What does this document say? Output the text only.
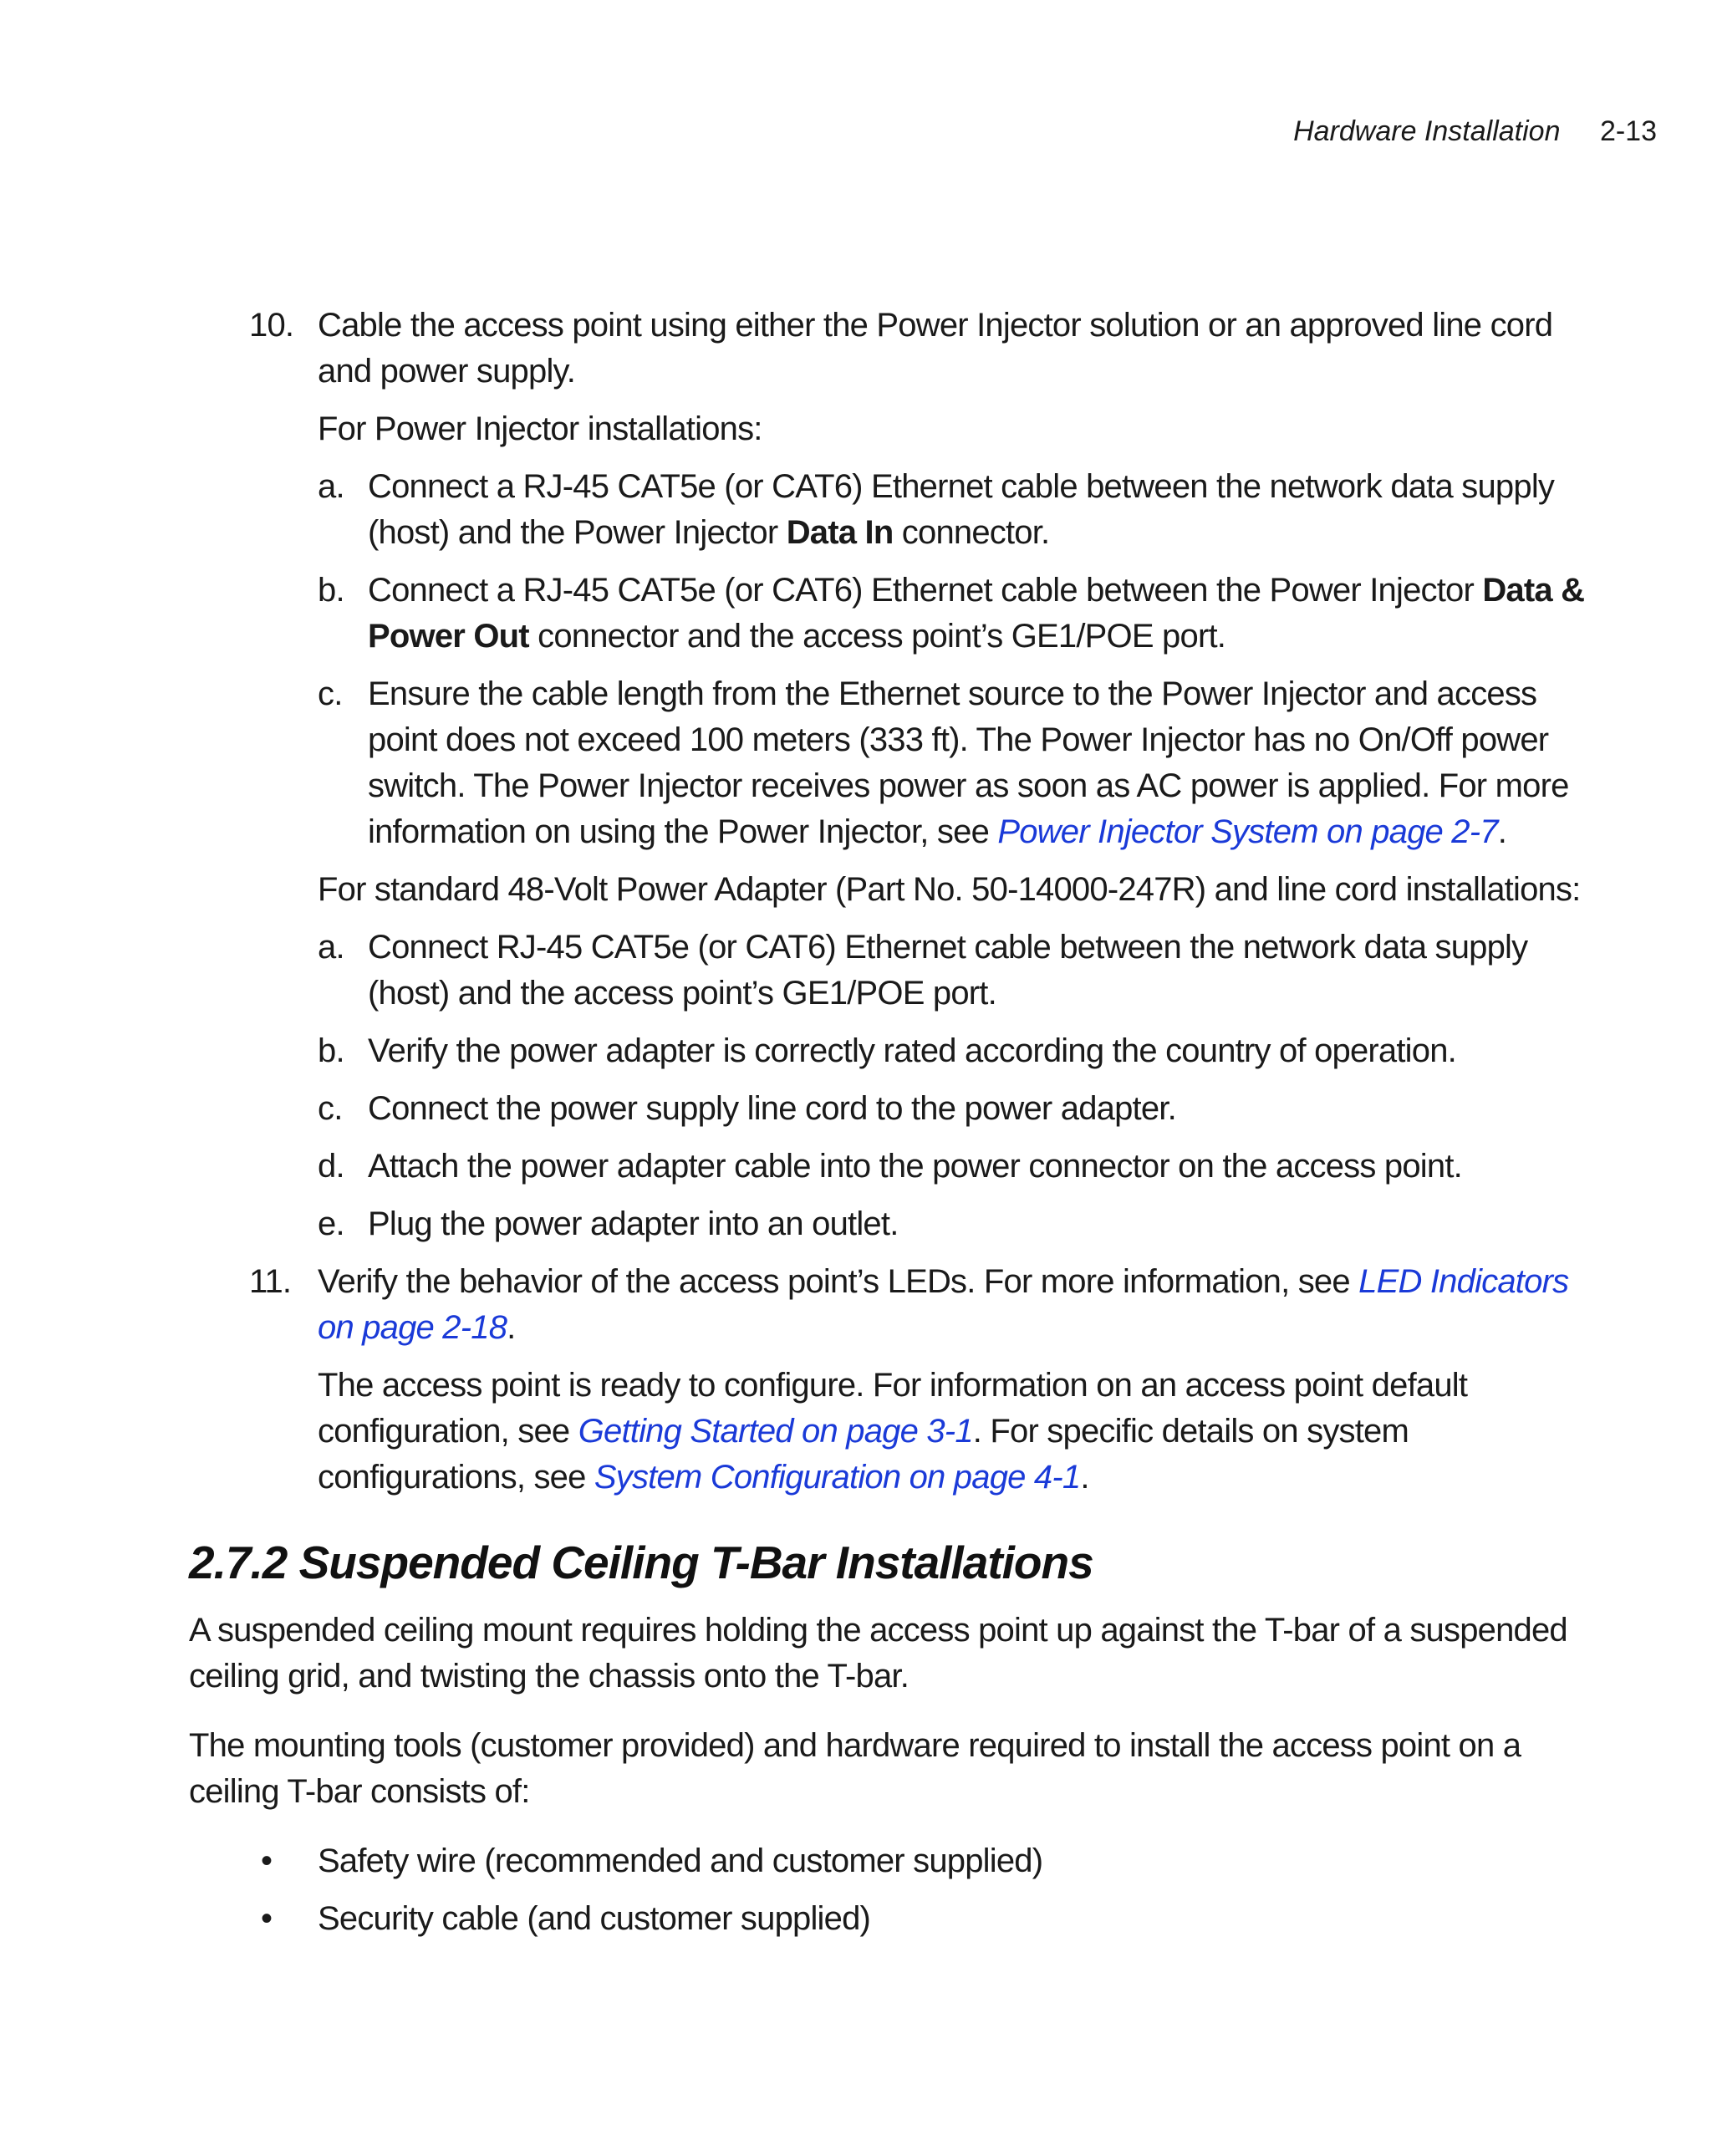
Hardware Installation 2-13
10. Cable the access point using either the Power Injector solution or an approved line cord and power supply.
For Power Injector installations:
a. Connect a RJ-45 CAT5e (or CAT6) Ethernet cable between the network data supply (host) and the Power Injector Data In connector.
b. Connect a RJ-45 CAT5e (or CAT6) Ethernet cable between the Power Injector Data & Power Out connector and the access point’s GE1/POE port.
c. Ensure the cable length from the Ethernet source to the Power Injector and access point does not exceed 100 meters (333 ft). The Power Injector has no On/Off power switch. The Power Injector receives power as soon as AC power is applied. For more information on using the Power Injector, see Power Injector System on page 2-7.
For standard 48-Volt Power Adapter (Part No. 50-14000-247R) and line cord installations:
a. Connect RJ-45 CAT5e (or CAT6) Ethernet cable between the network data supply (host) and the access point’s GE1/POE port.
b. Verify the power adapter is correctly rated according the country of operation.
c. Connect the power supply line cord to the power adapter.
d. Attach the power adapter cable into the power connector on the access point.
e. Plug the power adapter into an outlet.
11. Verify the behavior of the access point’s LEDs. For more information, see LED Indicators on page 2-18.
The access point is ready to configure. For information on an access point default configuration, see Getting Started on page 3-1. For specific details on system configurations, see System Configuration on page 4-1.
2.7.2 Suspended Ceiling T-Bar Installations
A suspended ceiling mount requires holding the access point up against the T-bar of a suspended ceiling grid, and twisting the chassis onto the T-bar.
The mounting tools (customer provided) and hardware required to install the access point on a ceiling T-bar consists of:
• Safety wire (recommended and customer supplied)
• Security cable (and customer supplied)
